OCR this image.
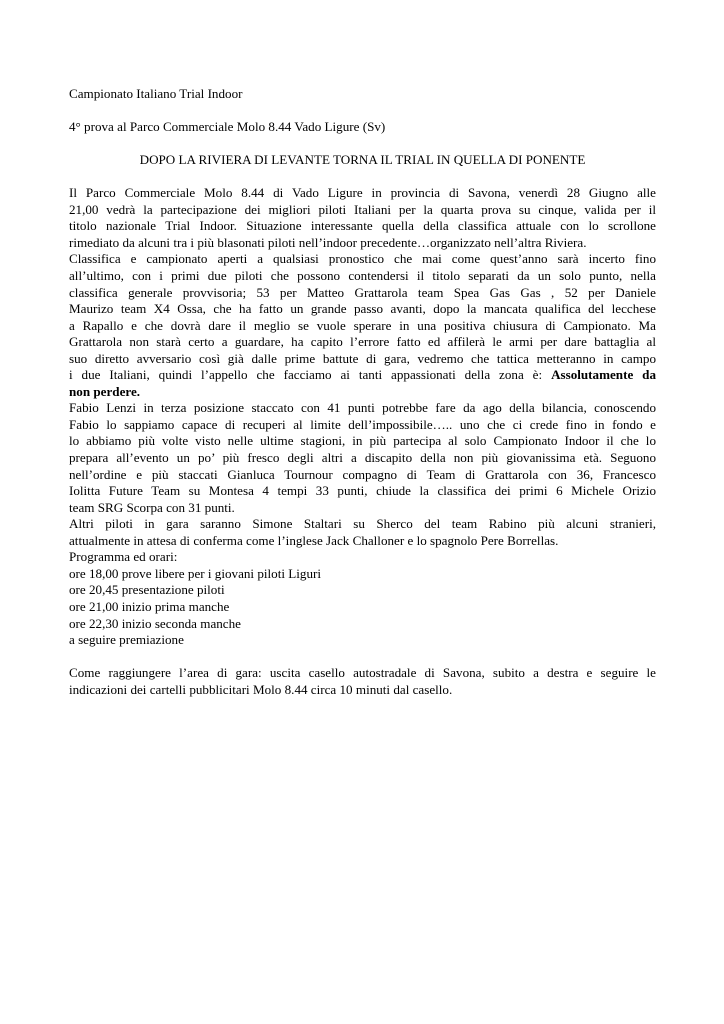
Campionato Italiano Trial Indoor
4° prova al Parco Commerciale Molo 8.44 Vado Ligure (Sv)
DOPO LA RIVIERA DI LEVANTE TORNA IL TRIAL IN QUELLA DI PONENTE
Il Parco Commerciale Molo 8.44 di Vado Ligure in provincia di Savona, venerdì 28 Giugno alle
21,00 vedrà la partecipazione dei migliori piloti Italiani per la quarta prova su cinque, valida per il
titolo nazionale Trial Indoor. Situazione interessante quella della classifica attuale con lo scrollone
rimediato da alcuni tra i più blasonati piloti nell’indoor precedente…organizzato nell’altra Riviera.
Classifica e campionato aperti a qualsiasi pronostico che mai come quest’anno sarà incerto fino
all’ultimo, con i primi due piloti che possono contendersi il titolo separati da un solo punto, nella
classifica generale provvisoria; 53 per Matteo Grattarola team Spea Gas Gas , 52 per Daniele
Maurizo team X4 Ossa, che ha fatto un grande passo avanti, dopo la mancata qualifica del lecchese
a Rapallo e che dovrà dare il meglio se vuole sperare in una positiva chiusura di Campionato. Ma
Grattarola non starà certo a guardare, ha capito l’errore fatto ed affilerà le armi per dare battaglia al
suo diretto avversario così già dalle prime battute di gara, vedremo che tattica metteranno in campo
i due Italiani, quindi l’appello che facciamo ai tanti appassionati della zona è: Assolutamente da
non perdere.
Fabio Lenzi in terza posizione staccato con 41 punti potrebbe fare da ago della bilancia, conoscendo
Fabio lo sappiamo capace di recuperi al limite dell’impossibile….. uno che ci crede fino in fondo e
lo abbiamo più volte visto nelle ultime stagioni, in più partecipa al solo Campionato Indoor il che lo
prepara all’evento un po’ più fresco degli altri a discapito della non più giovanissima età. Seguono
nell’ordine e più staccati Gianluca Tournour compagno di Team di Grattarola con 36, Francesco
Iolitta Future Team su Montesa 4 tempi 33 punti, chiude la classifica dei primi 6 Michele Orizio
team SRG Scorpa con 31 punti.
Altri piloti in gara saranno Simone Staltari su Sherco del team Rabino più alcuni stranieri,
attualmente in attesa di conferma come l’inglese Jack Challoner e lo spagnolo Pere Borrellas.
Programma ed orari:
ore 18,00 prove libere per i giovani piloti Liguri
ore 20,45 presentazione piloti
ore 21,00 inizio prima manche
ore 22,30 inizio seconda manche
a seguire premiazione
Come raggiungere l’area di gara: uscita casello autostradale di Savona, subito a destra e seguire le
indicazioni dei cartelli pubblicitari Molo 8.44 circa 10 minuti dal casello.
